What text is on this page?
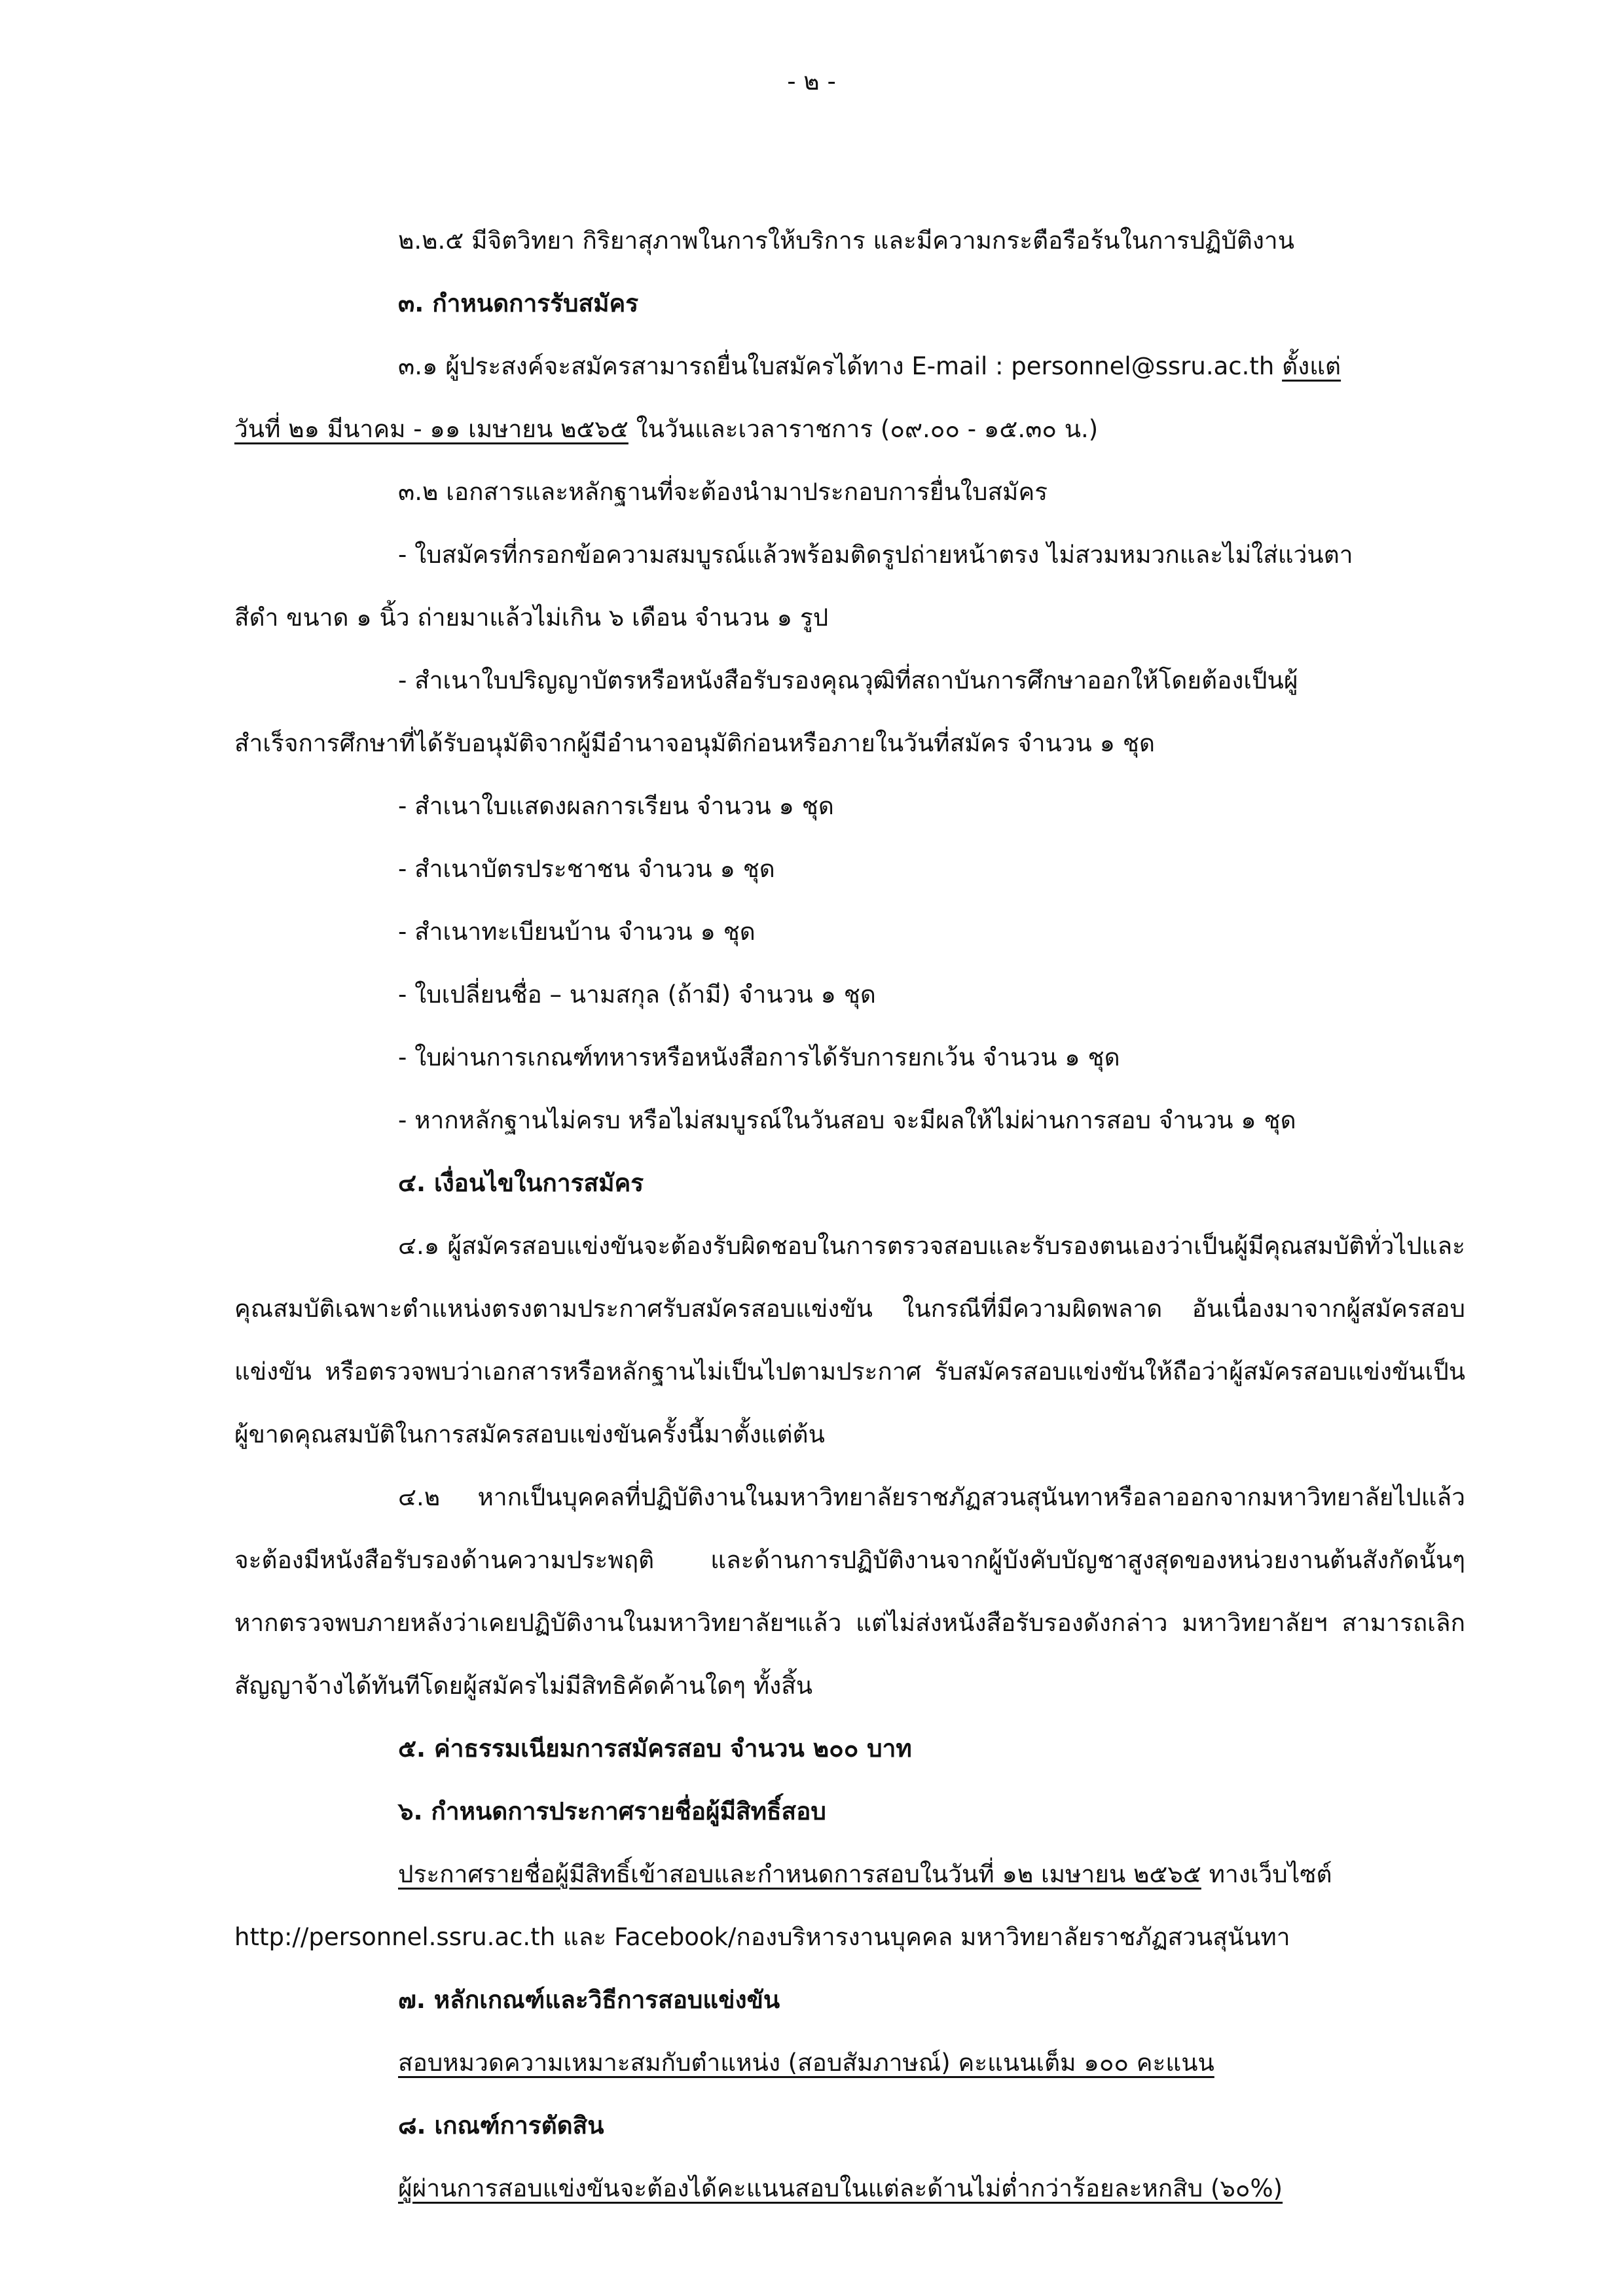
- ๒ -

๒.๒.๕ มีจิตวิทยา กิริยาสุภาพในการให้บริการ และมีความกระตือรือร้นในการปฏิบัติงาน

๓. กำหนดการรับสมัคร

๓.๑ ผู้ประสงค์จะสมัครสามารถยื่นใบสมัครได้ทาง E-mail : personnel@ssru.ac.th ตั้งแต่

วันที่ ๒๑ มีนาคม - ๑๑ เมษายน ๒๕๖๕ ในวันและเวลาราชการ (๐๙.๐๐ - ๑๕.๓๐ น.)

๓.๒ เอกสารและหลักฐานที่จะต้องนำมาประกอบการยื่นใบสมัคร

- ใบสมัครที่กรอกข้อความสมบูรณ์แล้วพร้อมติดรูปถ่ายหน้าตรง ไม่สวมหมวกและไม่ใส่แว่นตา

สีดำ ขนาด ๑ นิ้ว ถ่ายมาแล้วไม่เกิน ๖ เดือน จำนวน ๑ รูป

- สำเนาใบปริญญาบัตรหรือหนังสือรับรองคุณวุฒิที่สถาบันการศึกษาออกให้โดยต้องเป็นผู้

สำเร็จการศึกษาที่ได้รับอนุมัติจากผู้มีอำนาจอนุมัติก่อนหรือภายในวันที่สมัคร จำนวน ๑ ชุด

- สำเนาใบแสดงผลการเรียน จำนวน ๑ ชุด

- สำเนาบัตรประชาชน จำนวน ๑ ชุด

- สำเนาทะเบียนบ้าน จำนวน ๑ ชุด

- ใบเปลี่ยนชื่อ – นามสกุล (ถ้ามี) จำนวน ๑ ชุด

- ใบผ่านการเกณฑ์ทหารหรือหนังสือการได้รับการยกเว้น จำนวน ๑ ชุด

- หากหลักฐานไม่ครบ หรือไม่สมบูรณ์ในวันสอบ จะมีผลให้ไม่ผ่านการสอบ จำนวน ๑ ชุด

๔. เงื่อนไขในการสมัคร

๔.๑ ผู้สมัครสอบแข่งขันจะต้องรับผิดชอบในการตรวจสอบและรับรองตนเองว่าเป็นผู้มีคุณสมบัติทั่วไปและคุณสมบัติเฉพาะตำแหน่งตรงตามประกาศรับสมัครสอบแข่งขัน ในกรณีที่มีความผิดพลาด อันเนื่องมาจากผู้สมัครสอบแข่งขัน หรือตรวจพบว่าเอกสารหรือหลักฐานไม่เป็นไปตามประกาศ รับสมัครสอบแข่งขันให้ถือว่าผู้สมัครสอบแข่งขันเป็นผู้ขาดคุณสมบัติในการสมัครสอบแข่งขันครั้งนี้มาตั้งแต่ต้น

๔.๒ หากเป็นบุคคลที่ปฏิบัติงานในมหาวิทยาลัยราชภัฏสวนสุนันทาหรือลาออกจากมหาวิทยาลัยไปแล้ว จะต้องมีหนังสือรับรองด้านความประพฤติ และด้านการปฏิบัติงานจากผู้บังคับบัญชาสูงสุดของหน่วยงานต้นสังกัดนั้นๆ หากตรวจพบภายหลังว่าเคยปฏิบัติงานในมหาวิทยาลัยฯแล้ว แต่ไม่ส่งหนังสือรับรองดังกล่าว มหาวิทยาลัยฯ สามารถเลิกสัญญาจ้างได้ทันทีโดยผู้สมัครไม่มีสิทธิคัดค้านใดๆ ทั้งสิ้น

๕. ค่าธรรมเนียมการสมัครสอบ จำนวน ๒๐๐ บาท

๖. กำหนดการประกาศรายชื่อผู้มีสิทธิ์สอบ

ประกาศรายชื่อผู้มีสิทธิ์เข้าสอบและกำหนดการสอบในวันที่ ๑๒ เมษายน ๒๕๖๕ ทางเว็บไซต์

http://personnel.ssru.ac.th และ Facebook/กองบริหารงานบุคคล มหาวิทยาลัยราชภัฏสวนสุนันทา

๗. หลักเกณฑ์และวิธีการสอบแข่งขัน

สอบหมวดความเหมาะสมกับตำแหน่ง (สอบสัมภาษณ์) คะแนนเต็ม ๑๐๐ คะแนน

๘. เกณฑ์การตัดสิน

ผู้ผ่านการสอบแข่งขันจะต้องได้คะแนนสอบในแต่ละด้านไม่ต่ำกว่าร้อยละหกสิบ (๖๐%)
